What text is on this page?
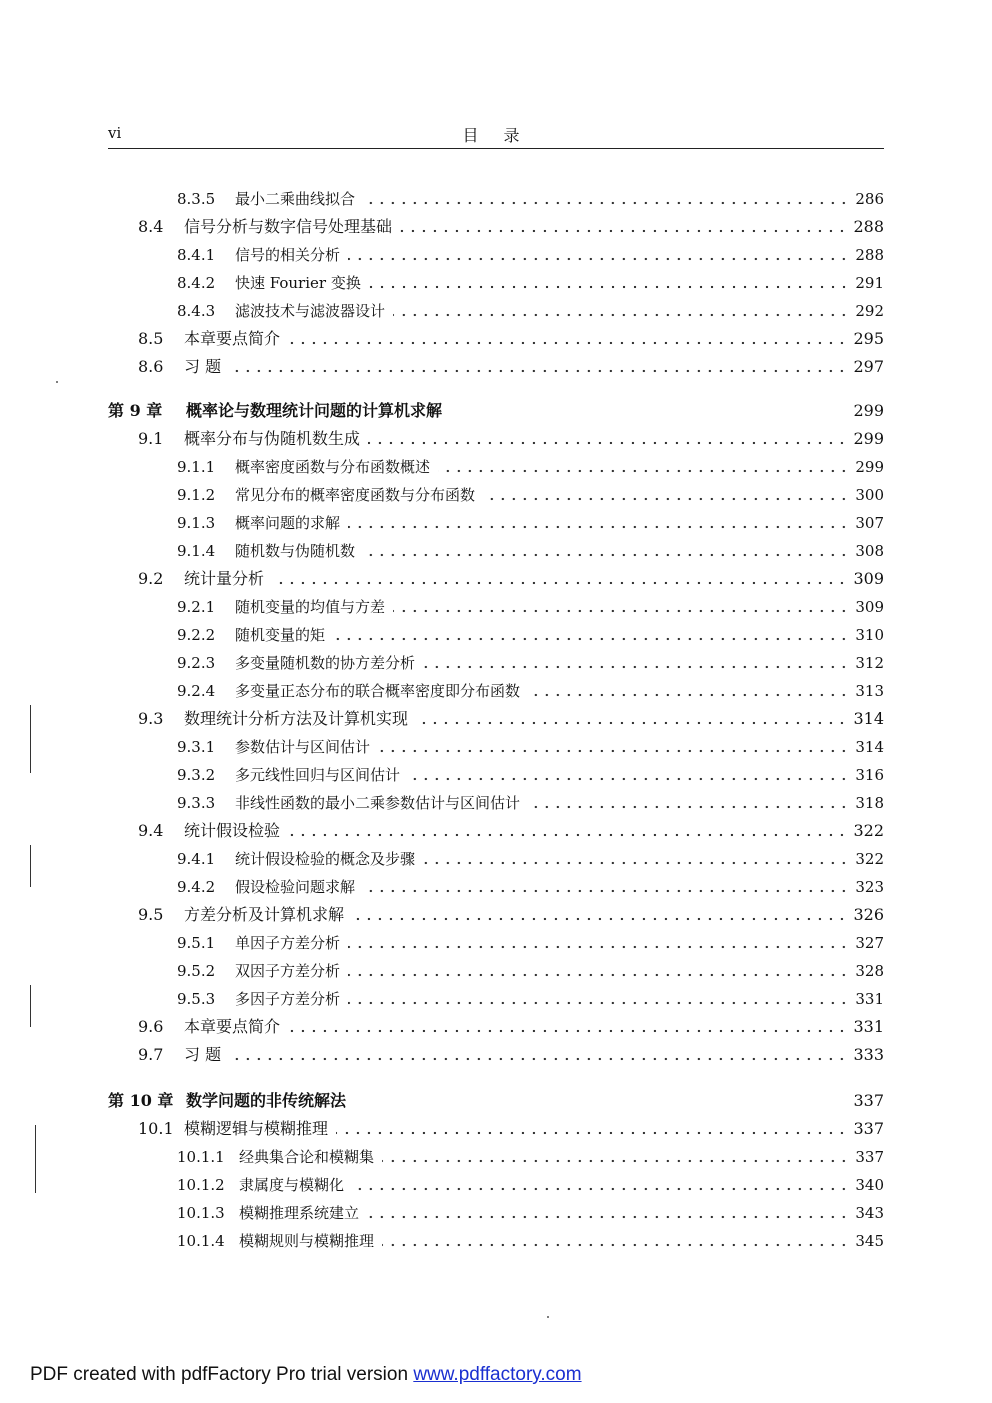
vi	目 录
8.3.5	最小二乘曲线拟合	286
8.4	信号分析与数字信号处理基础	288
8.4.1	信号的相关分析	288
8.4.2	快速 Fourier 变换	291
8.4.3	滤波技术与滤波器设计	292
8.5	本章要点简介	295
8.6	习 题	297
第 9 章	概率论与数理统计问题的计算机求解	299
9.1	概率分布与伪随机数生成	299
9.1.1	概率密度函数与分布函数概述	299
9.1.2	常见分布的概率密度函数与分布函数	300
9.1.3	概率问题的求解	307
9.1.4	随机数与伪随机数	308
9.2	统计量分析	309
9.2.1	随机变量的均值与方差	309
9.2.2	随机变量的矩	310
9.2.3	多变量随机数的协方差分析	312
9.2.4	多变量正态分布的联合概率密度即分布函数	313
9.3	数理统计分析方法及计算机实现	314
9.3.1	参数估计与区间估计	314
9.3.2	多元线性回归与区间估计	316
9.3.3	非线性函数的最小二乘参数估计与区间估计	318
9.4	统计假设检验	322
9.4.1	统计假设检验的概念及步骤	322
9.4.2	假设检验问题求解	323
9.5	方差分析及计算机求解	326
9.5.1	单因子方差分析	327
9.5.2	双因子方差分析	328
9.5.3	多因子方差分析	331
9.6	本章要点简介	331
9.7	习 题	333
第 10 章 数学问题的非传统解法	337
10.1 模糊逻辑与模糊推理	337
10.1.1 经典集合论和模糊集	337
10.1.2 隶属度与模糊化	340
10.1.3 模糊推理系统建立	343
10.1.4 模糊规则与模糊推理	345
PDF created with pdfFactory Pro trial version www.pdffactory.com
